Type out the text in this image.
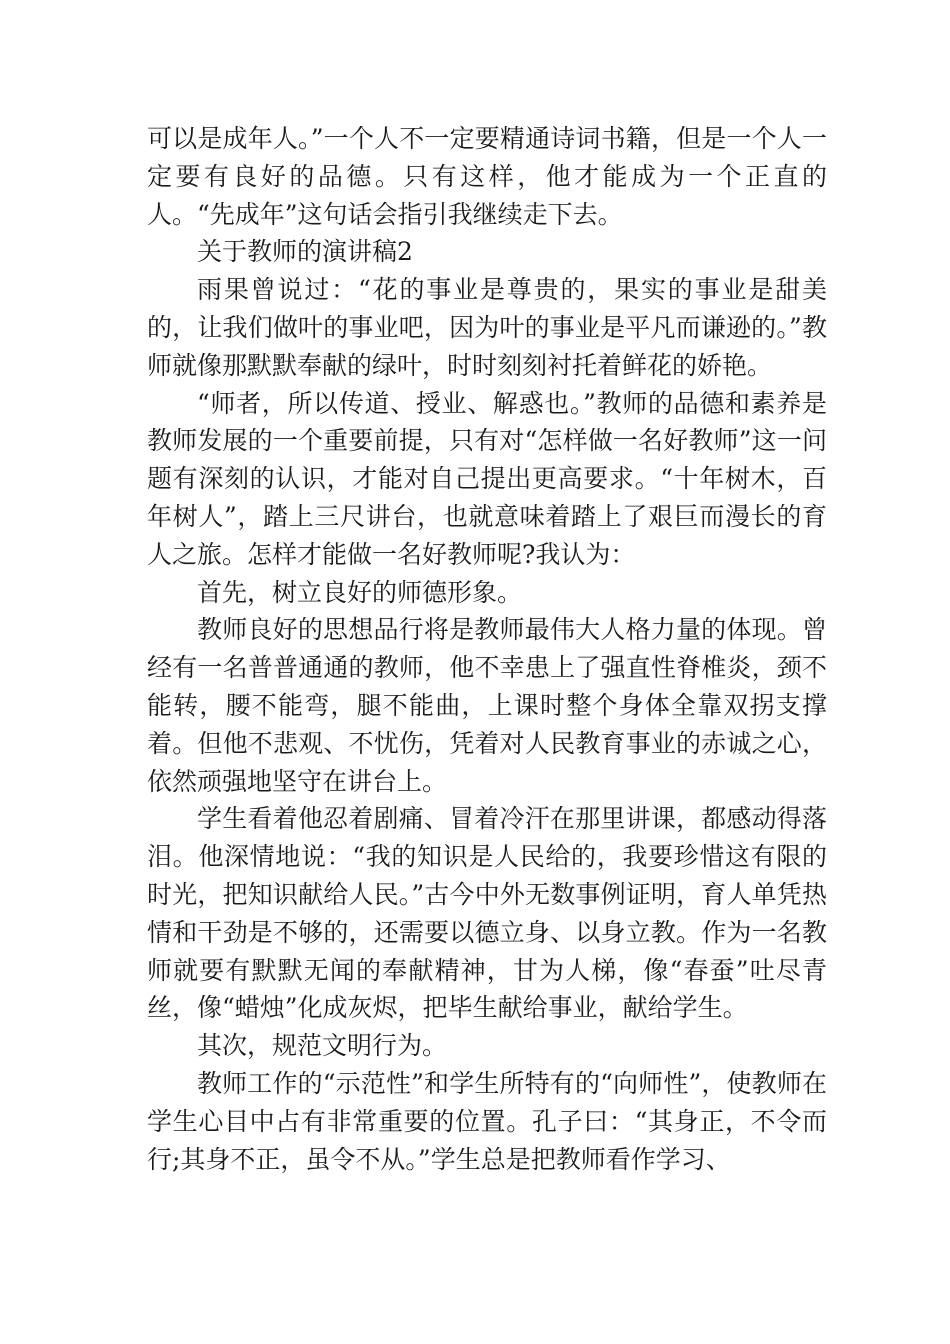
可以是成年人。”一个人不一定要精通诗词书籍，但是一个人一定要有良好的品德。只有这样，他才能成为一个正直的人。“先成年”这句话会指引我继续走下去。

关于教师的演讲稿2

雨果曾说过：“花的事业是尊贵的，果实的事业是甜美的，让我们做叶的事业吧，因为叶的事业是平凡而谦逊的。”教师就像那默默奉献的绿叶，时时刻刻衬托着鲜花的娇艳。

“师者，所以传道、授业、解惑也。”教师的品德和素养是教师发展的一个重要前提，只有对“怎样做一名好教师”这一问题有深刻的认识，才能对自己提出更高要求。“十年树木，百年树人”，踏上三尺讲台，也就意味着踏上了艰巨而漫长的育人之旅。怎样才能做一名好教师呢?我认为：

首先，树立良好的师德形象。

教师良好的思想品行将是教师最伟大人格力量的体现。曾经有一名普普通通的教师，他不幸患上了强直性脊椎炎，颈不能转，腰不能弯，腿不能曲，上课时整个身体全靠双拐支撑着。但他不悲观、不忧伤，凭着对人民教育事业的赤诚之心，依然顽强地坚守在讲台上。

学生看着他忍着剧痛、冒着冷汗在那里讲课，都感动得落泪。他深情地说：“我的知识是人民给的，我要珍惜这有限的时光，把知识献给人民。”古今中外无数事例证明，育人单凭热情和干劲是不够的，还需要以德立身、以身立教。作为一名教师就要有默默无闻的奉献精神，甘为人梯，像“春蚕”吐尽青丝，像“蜡烛”化成灰烬，把毕生献给事业，献给学生。

其次，规范文明行为。

教师工作的“示范性”和学生所特有的“向师性”，使教师在学生心目中占有非常重要的位置。孔子曰：“其身正，不令而行;其身不正，虽令不从。”学生总是把教师看作学习、
